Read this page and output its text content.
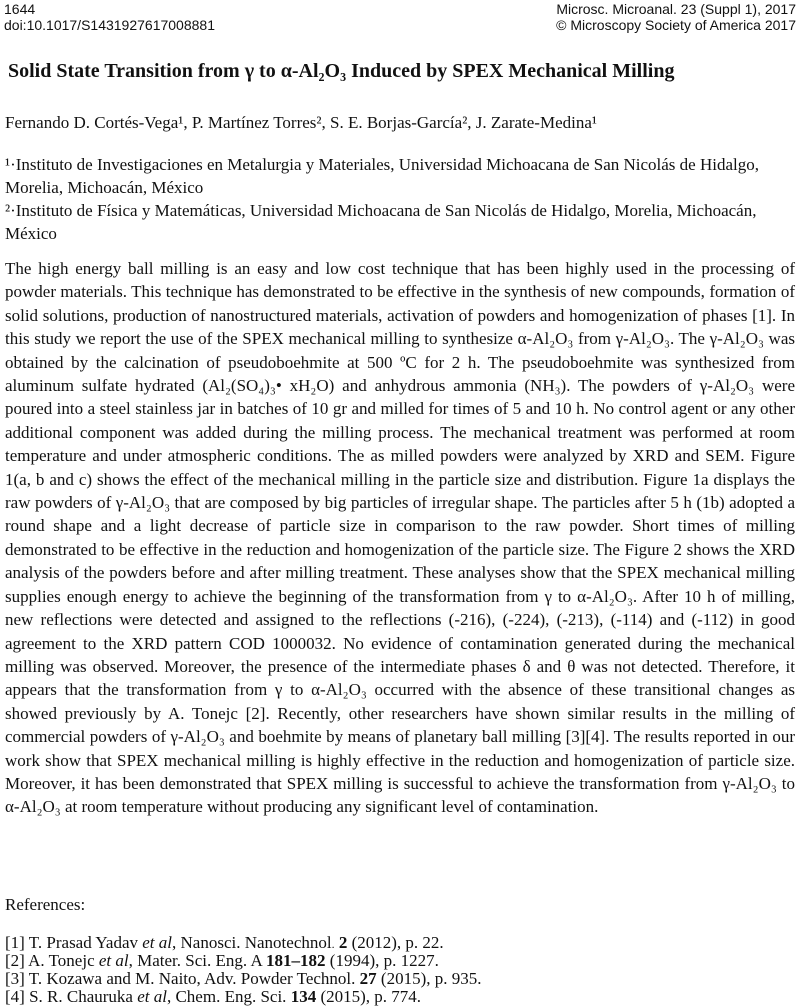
1644
doi:10.1017/S1431927617008881
Microsc. Microanal. 23 (Suppl 1), 2017
© Microscopy Society of America 2017
Solid State Transition from γ to α-Al₂O₃ Induced by SPEX Mechanical Milling
Fernando D. Cortés-Vega¹, P. Martínez Torres², S. E. Borjas-García², J. Zarate-Medina¹
¹·Instituto de Investigaciones en Metalurgia y Materiales, Universidad Michoacana de San Nicolás de Hidalgo, Morelia, Michoacán, México
²·Instituto de Física y Matemáticas, Universidad Michoacana de San Nicolás de Hidalgo, Morelia, Michoacán, México
The high energy ball milling is an easy and low cost technique that has been highly used in the processing of powder materials. This technique has demonstrated to be effective in the synthesis of new compounds, formation of solid solutions, production of nanostructured materials, activation of powders and homogenization of phases [1]. In this study we report the use of the SPEX mechanical milling to synthesize α-Al₂O₃ from γ-Al₂O₃. The γ-Al₂O₃ was obtained by the calcination of pseudoboehmite at 500 ºC for 2 h. The pseudoboehmite was synthesized from aluminum sulfate hydrated (Al₂(SO₄)₃• xH₂O) and anhydrous ammonia (NH₃). The powders of γ-Al₂O₃ were poured into a steel stainless jar in batches of 10 gr and milled for times of 5 and 10 h. No control agent or any other additional component was added during the milling process. The mechanical treatment was performed at room temperature and under atmospheric conditions. The as milled powders were analyzed by XRD and SEM. Figure 1(a, b and c) shows the effect of the mechanical milling in the particle size and distribution. Figure 1a displays the raw powders of γ-Al₂O₃ that are composed by big particles of irregular shape. The particles after 5 h (1b) adopted a round shape and a light decrease of particle size in comparison to the raw powder. Short times of milling demonstrated to be effective in the reduction and homogenization of the particle size. The Figure 2 shows the XRD analysis of the powders before and after milling treatment. These analyses show that the SPEX mechanical milling supplies enough energy to achieve the beginning of the transformation from γ to α-Al₂O₃. After 10 h of milling, new reflections were detected and assigned to the reflections (-216), (-224), (-213), (-114) and (-112) in good agreement to the XRD pattern COD 1000032. No evidence of contamination generated during the mechanical milling was observed. Moreover, the presence of the intermediate phases δ and θ was not detected. Therefore, it appears that the transformation from γ to α-Al₂O₃ occurred with the absence of these transitional changes as showed previously by A. Tonejc [2]. Recently, other researchers have shown similar results in the milling of commercial powders of γ-Al₂O₃ and boehmite by means of planetary ball milling [3][4]. The results reported in our work show that SPEX mechanical milling is highly effective in the reduction and homogenization of particle size. Moreover, it has been demonstrated that SPEX milling is successful to achieve the transformation from γ-Al₂O₃ to α-Al₂O₃ at room temperature without producing any significant level of contamination.
References:
[1] T. Prasad Yadav et al, Nanosci. Nanotechnol. 2 (2012), p. 22.
[2] A. Tonejc et al, Mater. Sci. Eng. A 181–182 (1994), p. 1227.
[3] T. Kozawa and M. Naito, Adv. Powder Technol. 27 (2015), p. 935.
[4] S. R. Chauruka et al, Chem. Eng. Sci. 134 (2015), p. 774.
